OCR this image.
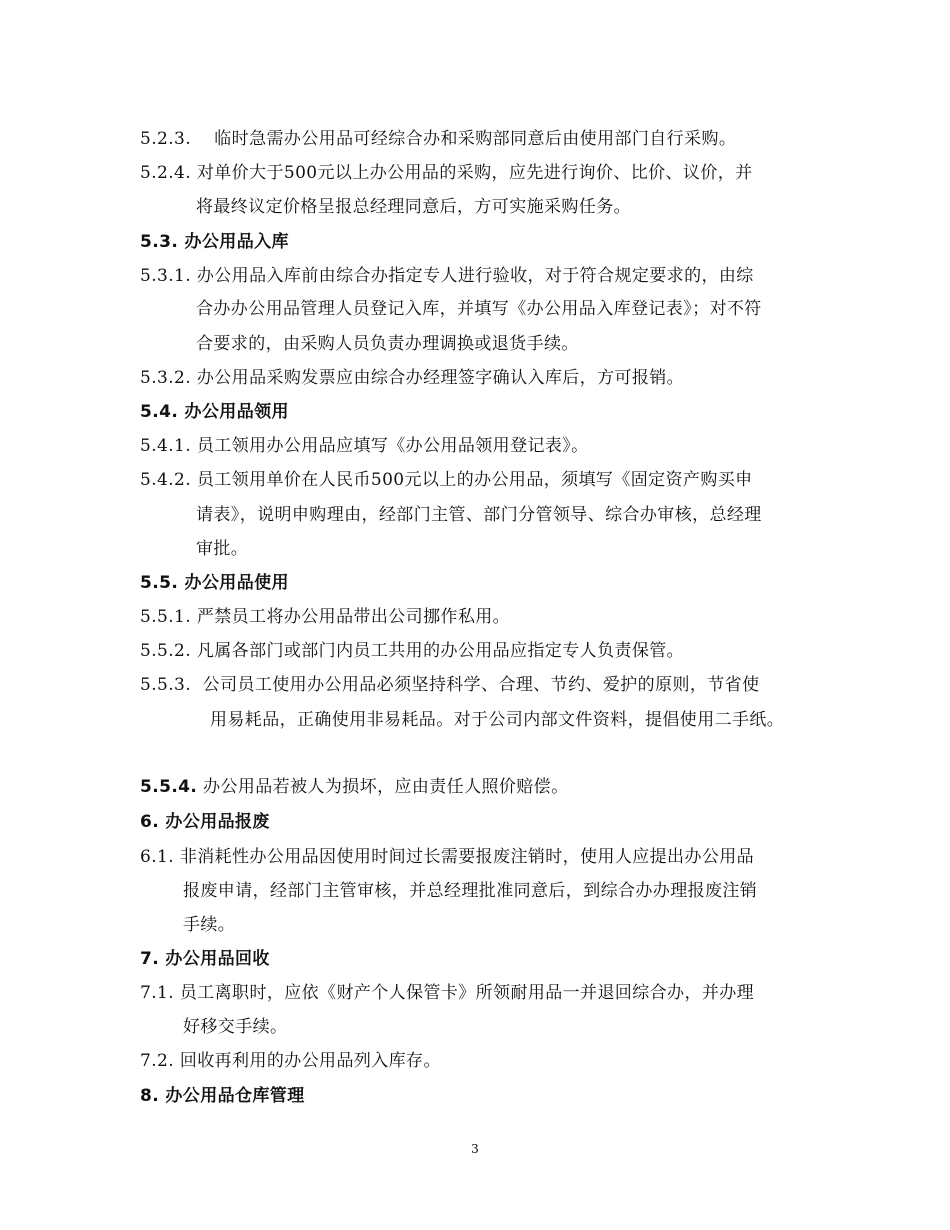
5.2.3. 临时急需办公用品可经综合办和采购部同意后由使用部门自行采购。
5.2.4. 对单价大于500元以上办公用品的采购，应先进行询价、比价、议价，并
将最终议定价格呈报总经理同意后，方可实施采购任务。
5.3. 办公用品入库
5.3.1. 办公用品入库前由综合办指定专人进行验收，对于符合规定要求的，由综
合办办公用品管理人员登记入库，并填写《办公用品入库登记表》；对不符
合要求的，由采购人员负责办理调换或退货手续。
5.3.2. 办公用品采购发票应由综合办经理签字确认入库后，方可报销。
5.4. 办公用品领用
5.4.1. 员工领用办公用品应填写《办公用品领用登记表》。
5.4.2. 员工领用单价在人民币500元以上的办公用品，须填写《固定资产购买申
请表》，说明申购理由，经部门主管、部门分管领导、综合办审核，总经理
审批。
5.5. 办公用品使用
5.5.1. 严禁员工将办公用品带出公司挪作私用。
5.5.2. 凡属各部门或部门内员工共用的办公用品应指定专人负责保管。
5.5.3. 公司员工使用办公用品必须坚持科学、合理、节约、爱护的原则，节省使
用易耗品，正确使用非易耗品。对于公司内部文件资料，提倡使用二手纸。
5.5.4. 办公用品若被人为损坏，应由责任人照价赔偿。
6. 办公用品报废
6.1. 非消耗性办公用品因使用时间过长需要报废注销时，使用人应提出办公用品
报废申请，经部门主管审核，并总经理批准同意后，到综合办办理报废注销
手续。
7. 办公用品回收
7.1. 员工离职时，应依《财产个人保管卡》所领耐用品一并退回综合办，并办理
好移交手续。
7.2. 回收再利用的办公用品列入库存。
8. 办公用品仓库管理
3
